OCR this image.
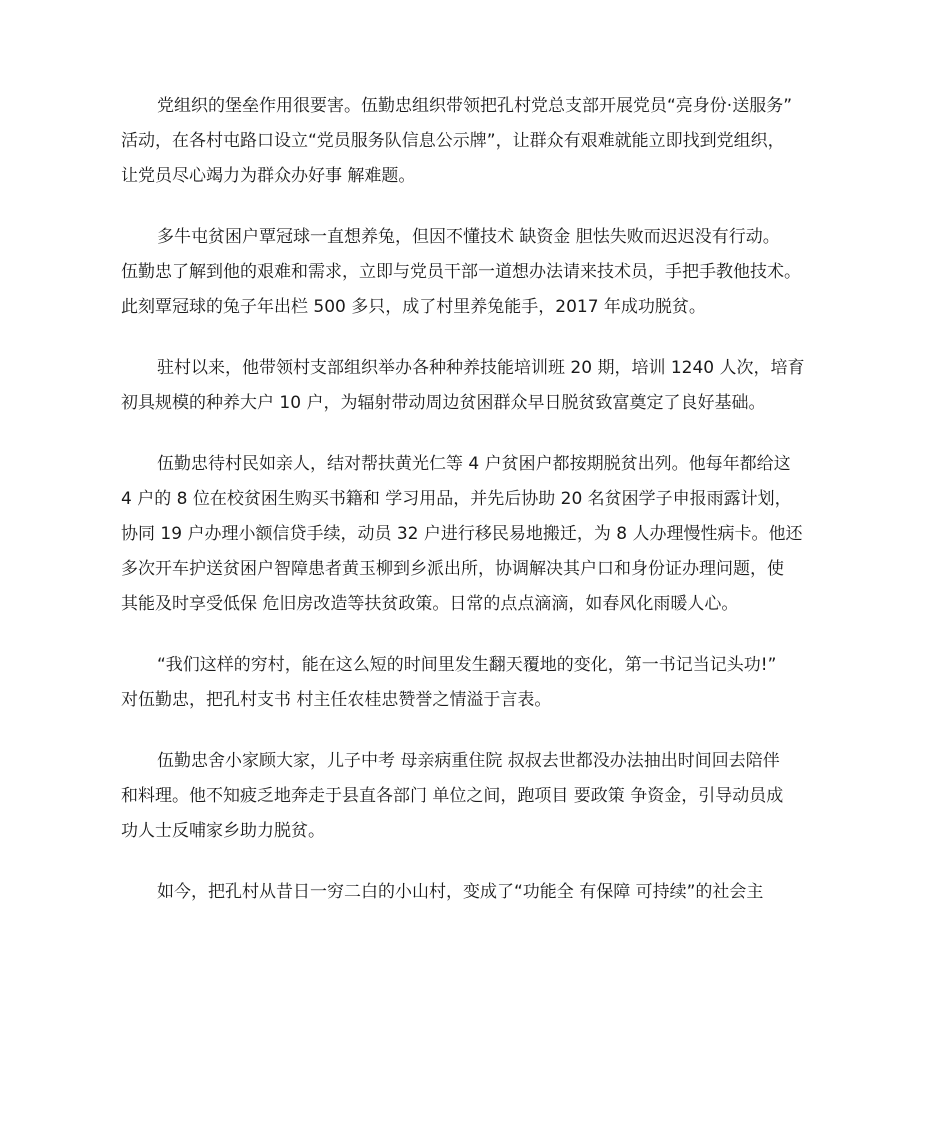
党组织的堡垒作用很要害。伍勤忠组织带领把孔村党总支部开展党员“亮身份·送服务”
活动，在各村屯路口设立“党员服务队信息公示牌”，让群众有艰难就能立即找到党组织，
让党员尽心竭力为群众办好事 解难题。
多牛屯贫困户覃冠球一直想养兔，但因不懂技术 缺资金 胆怯失败而迟迟没有行动。
伍勤忠了解到他的艰难和需求，立即与党员干部一道想办法请来技术员，手把手教他技术。
此刻覃冠球的兔子年出栏 500 多只，成了村里养兔能手，2017 年成功脱贫。
驻村以来，他带领村支部组织举办各种种养技能培训班 20 期，培训 1240 人次，培育
初具规模的种养大户 10 户，为辐射带动周边贫困群众早日脱贫致富奠定了良好基础。
伍勤忠待村民如亲人，结对帮扶黄光仁等 4 户贫困户都按期脱贫出列。他每年都给这
4 户的 8 位在校贫困生购买书籍和 学习用品，并先后协助 20 名贫困学子申报雨露计划，
协同 19 户办理小额信贷手续，动员 32 户进行移民易地搬迁，为 8 人办理慢性病卡。他还
多次开车护送贫困户智障患者黄玉柳到乡派出所，协调解决其户口和身份证办理问题，使
其能及时享受低保 危旧房改造等扶贫政策。日常的点点滴滴，如春风化雨暖人心。
“我们这样的穷村，能在这么短的时间里发生翻天覆地的变化，第一书记当记头功!”
对伍勤忠，把孔村支书 村主任农桂忠赞誉之情溢于言表。
伍勤忠舍小家顾大家，儿子中考 母亲病重住院 叔叔去世都没办法抽出时间回去陪伴
和料理。他不知疲乏地奔走于县直各部门 单位之间，跑项目 要政策 争资金，引导动员成
功人士反哺家乡助力脱贫。
如今，把孔村从昔日一穷二白的小山村，变成了“功能全 有保障 可持续”的社会主
